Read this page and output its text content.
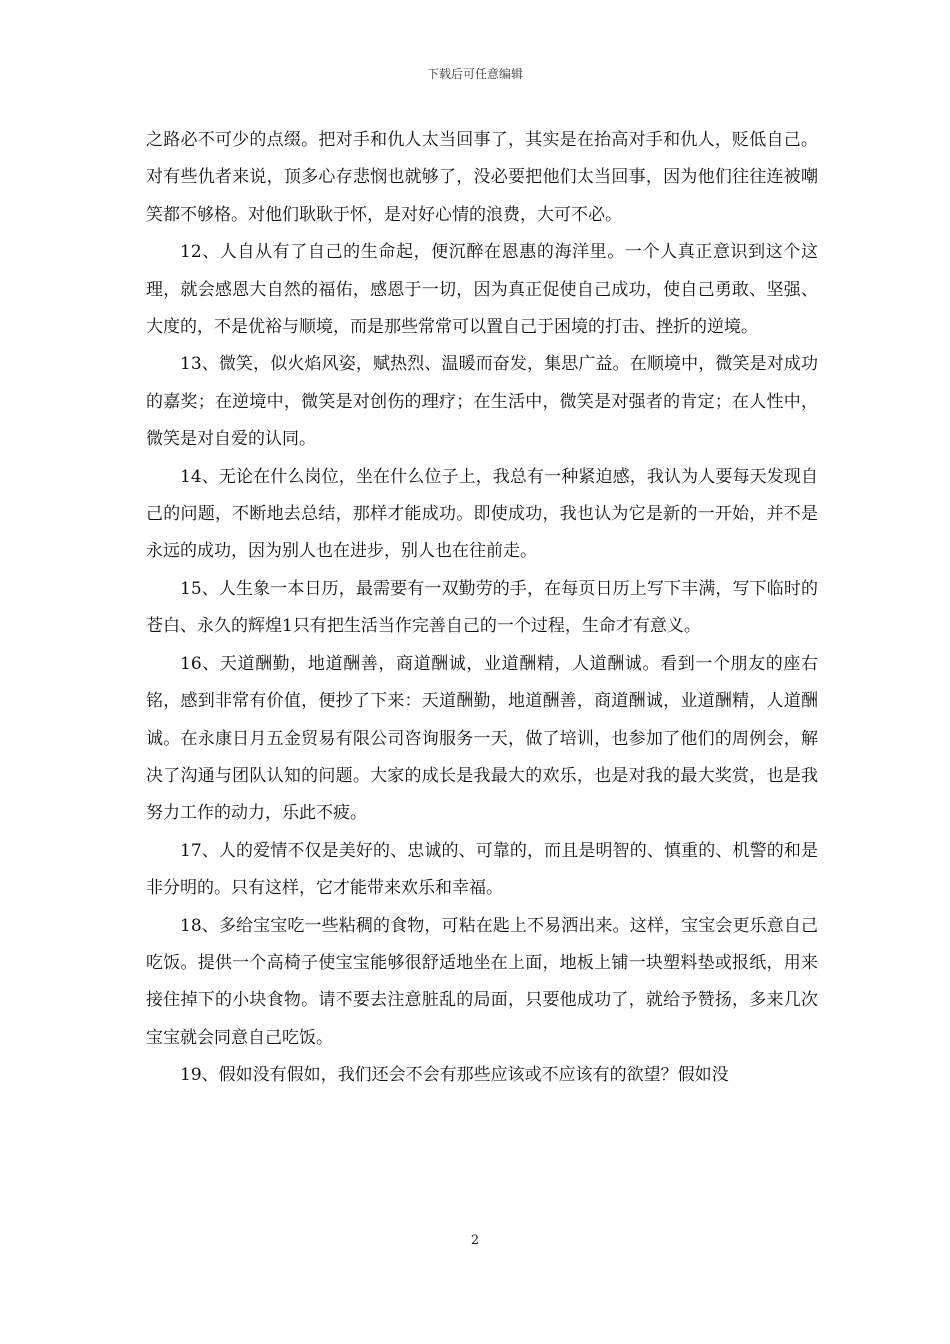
下载后可任意编辑

之路必不可少的点缀。把对手和仇人太当回事了，其实是在抬高对手和仇人，贬低自己。对有些仇者来说，顶多心存悲悯也就够了，没必要把他们太当回事，因为他们往往连被嘲笑都不够格。对他们耿耿于怀，是对好心情的浪费，大可不必。

12、人自从有了自己的生命起，便沉醉在恩惠的海洋里。一个人真正意识到这个这理，就会感恩大自然的福佑，感恩于一切，因为真正促使自己成功，使自己勇敢、坚强、大度的，不是优裕与顺境，而是那些常常可以置自己于困境的打击、挫折的逆境。

13、微笑，似火焰风姿，赋热烈、温暖而奋发，集思广益。在顺境中，微笑是对成功的嘉奖；在逆境中，微笑是对创伤的理疗；在生活中，微笑是对强者的肯定；在人性中，微笑是对自爱的认同。

14、无论在什么岗位，坐在什么位子上，我总有一种紧迫感，我认为人要每天发现自己的问题，不断地去总结，那样才能成功。即使成功，我也认为它是新的一开始，并不是永远的成功，因为别人也在进步，别人也在往前走。

15、人生象一本日历，最需要有一双勤劳的手，在每页日历上写下丰满，写下临时的苍白、永久的辉煌1只有把生活当作完善自己的一个过程，生命才有意义。

16、天道酬勤，地道酬善，商道酬诚，业道酬精，人道酬诚。看到一个朋友的座右铭，感到非常有价值，便抄了下来：天道酬勤，地道酬善，商道酬诚，业道酬精，人道酬诚。在永康日月五金贸易有限公司咨询服务一天，做了培训，也参加了他们的周例会，解决了沟通与团队认知的问题。大家的成长是我最大的欢乐，也是对我的最大奖赏，也是我努力工作的动力，乐此不疲。

17、人的爱情不仅是美好的、忠诚的、可靠的，而且是明智的、慎重的、机警的和是非分明的。只有这样，它才能带来欢乐和幸福。

18、多给宝宝吃一些粘稠的食物，可粘在匙上不易洒出来。这样，宝宝会更乐意自己吃饭。提供一个高椅子使宝宝能够很舒适地坐在上面，地板上铺一块塑料垫或报纸，用来接住掉下的小块食物。请不要去注意脏乱的局面，只要他成功了，就给予赞扬，多来几次宝宝就会同意自己吃饭。

19、假如没有假如，我们还会不会有那些应该或不应该有的欲望？假如没

2
